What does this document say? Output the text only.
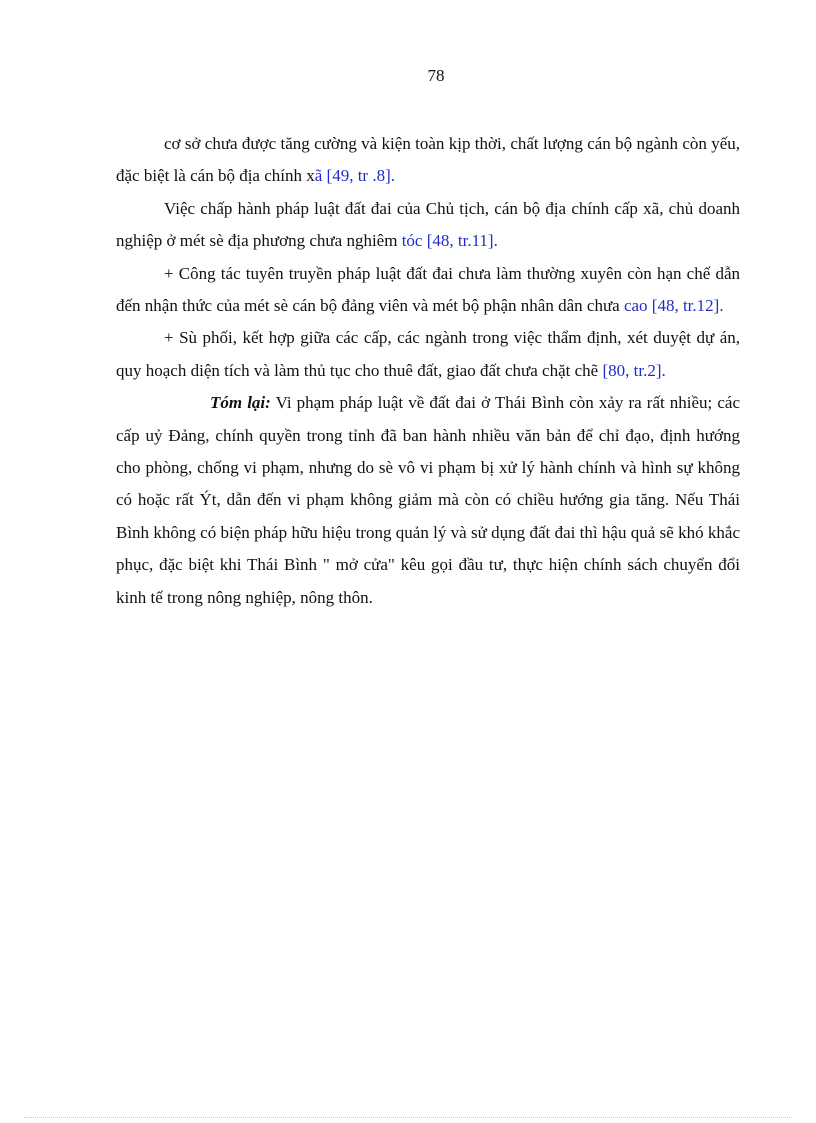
78

cơ sở chưa được tăng cường và kiện toàn kịp thời, chất lượng cán bộ ngành còn yếu, đặc biệt là cán bộ địa chính xã [49, tr .8].

Việc chấp hành pháp luật đất đai của Chủ tịch, cán bộ địa chính cấp xã, chủ doanh nghiệp ở mét sè địa phương chưa nghiêm tóc [48, tr.11].

+ Công tác tuyên truyền pháp luật đất đai chưa làm thường xuyên còn hạn chế dẫn đến nhận thức của mét sè cán bộ đảng viên và mét bộ phận nhân dân chưa cao [48, tr.12].

+ Sù phối, kết hợp giữa các cấp, các ngành trong việc thẩm định, xét duyệt dự án, quy hoạch diện tích và làm thủ tục cho thuê đất, giao đất chưa chặt chẽ [80, tr.2].

Tóm lại: Vi phạm pháp luật về đất đai ở Thái Bình còn xảy ra rất nhiều; các cấp uỷ Đảng, chính quyền trong tỉnh đã ban hành nhiều văn bản để chỉ đạo, định hướng cho phòng, chống vi phạm, nhưng do sè vô vi phạm bị xử lý hành chính và hình sự không có hoặc rất Ýt, dẫn đến vi phạm không giảm mà còn có chiều hướng gia tăng. Nếu Thái Bình không có biện pháp hữu hiệu trong quản lý và sử dụng đất đai thì hậu quả sẽ khó khắc phục, đặc biệt khi Thái Bình " mở cửa" kêu gọi đầu tư, thực hiện chính sách chuyển đổi kinh tế trong nông nghiệp, nông thôn.
